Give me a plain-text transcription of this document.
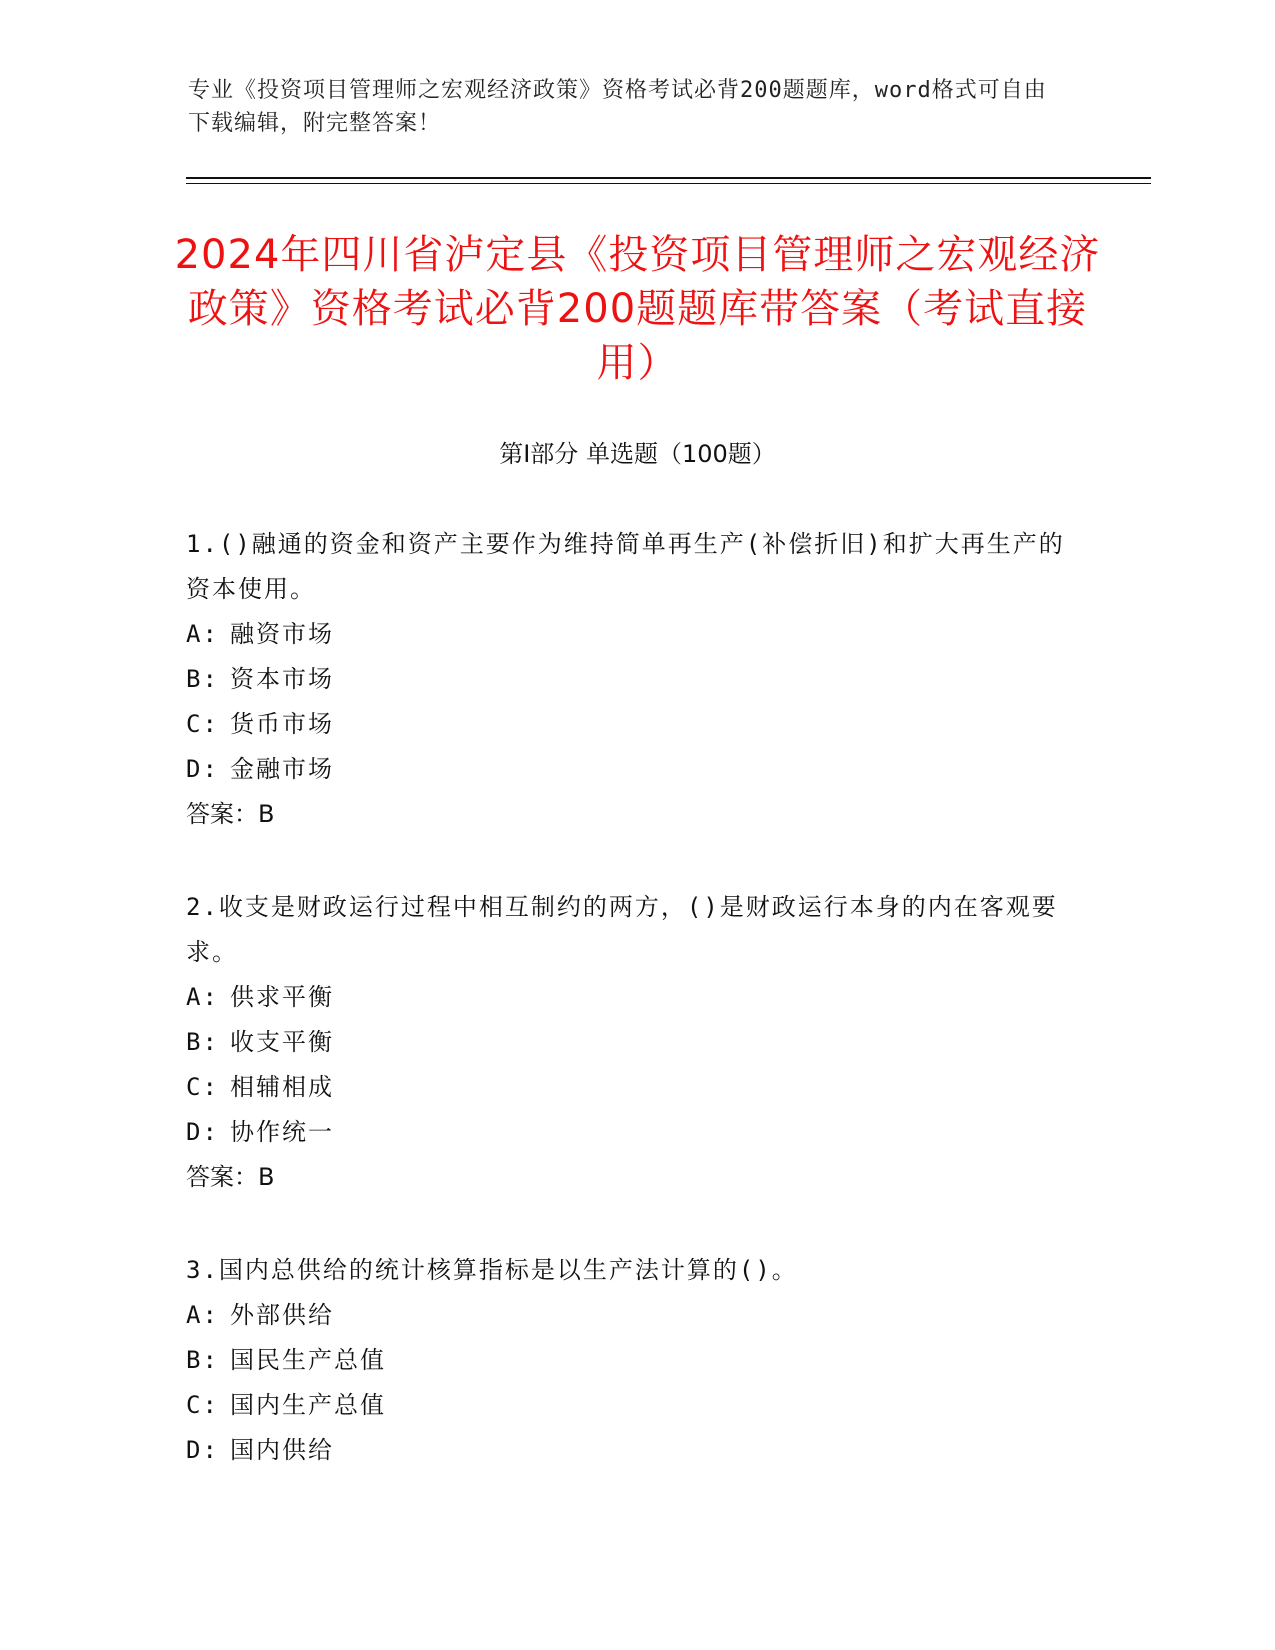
专业《投资项目管理师之宏观经济政策》资格考试必背200题题库，word格式可自由下载编辑，附完整答案！
2024年四川省泸定县《投资项目管理师之宏观经济政策》资格考试必背200题题库带答案（考试直接用）
第Ⅰ部分 单选题（100题）
1.()融通的资金和资产主要作为维持简单再生产(补偿折旧)和扩大再生产的资本使用。
A: 融资市场
B: 资本市场
C: 货币市场
D: 金融市场
答案：B
2.收支是财政运行过程中相互制约的两方，()是财政运行本身的内在客观要求。
A: 供求平衡
B: 收支平衡
C: 相辅相成
D: 协作统一
答案：B
3.国内总供给的统计核算指标是以生产法计算的()。
A: 外部供给
B: 国民生产总值
C: 国内生产总值
D: 国内供给
